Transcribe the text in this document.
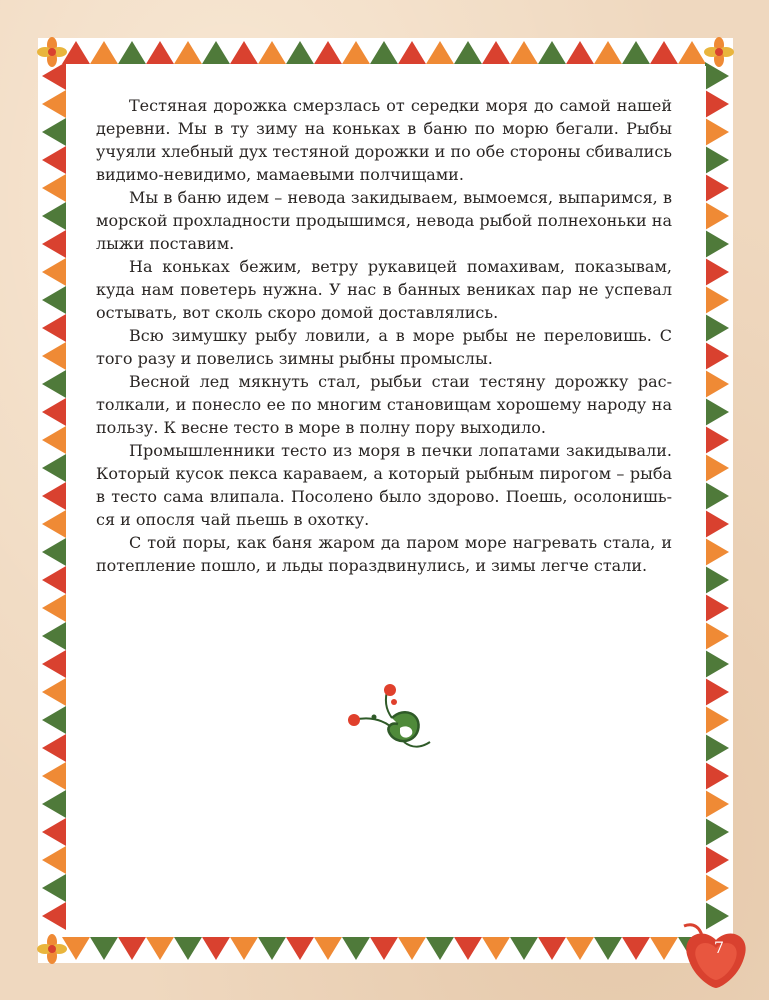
Тестяная дорожка смерзлась от середки моря до самой нашей деревни. Мы в ту зиму на коньках в баню по морю бегали. Рыбы учуяли хлебный дух тестяной дорожки и по обе стороны сбивались видимо-невидимо, мамаевыми полчищами.

Мы в баню идем – невода закидываем, вымоемся, выпаримся, в морской прохладности продышимся, невода рыбой полнехоньки на лыжи поставим.

На коньках бежим, ветру рукавицей помахивам, показывам, куда нам поветерь нужна. У нас в банных вениках пар не успевал остывать, вот сколь скоро домой доставлялись.

Всю зимушку рыбу ловили, а в море рыбы не переловишь. С того разу и повелись зимны рыбны промыслы.

Весной лед мякнуть стал, рыбьи стаи тестяну дорожку растолкали, и понесло ее по многим становищам хорошему народу на пользу. К весне тесто в море в полну пору выходило.

Промышленники тесто из моря в печки лопатами закидывали. Который кусок пекса караваем, а который рыбным пирогом – рыба в тесто сама влипала. Посолено было здорово. Поешь, осолонишься и опосля чай пьешь в охотку.

С той поры, как баня жаром да паром море нагревать стала, и потепление пошло, и льды пораздвинулись, и зимы легче стали.

7
